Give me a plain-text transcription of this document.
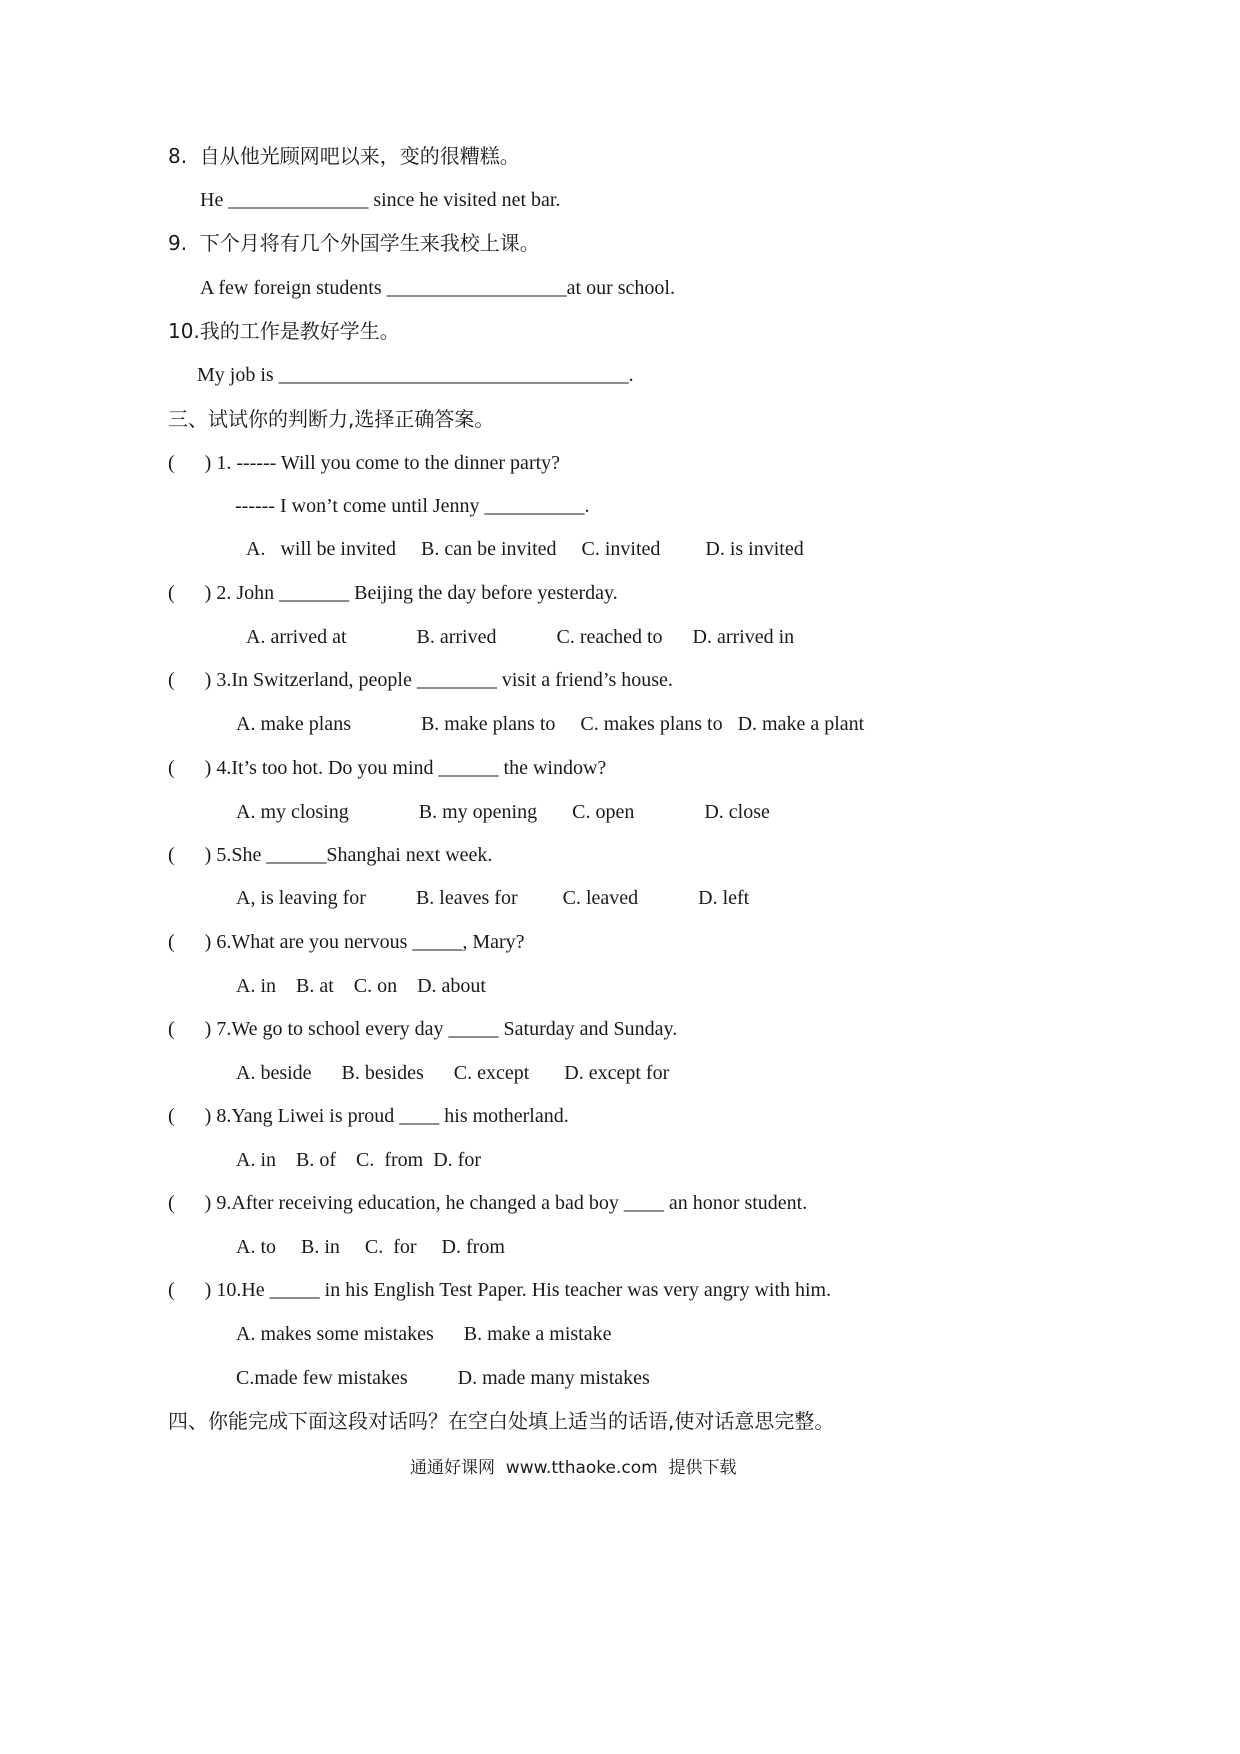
8.  自从他光顾网吧以来，变的很糟糕。
He ______________ since he visited net bar.
9.  下个月将有几个外国学生来我校上课。
A few foreign students __________________at our school.
10.我的工作是教好学生。
My job is ___________________________________.
三、试试你的判断力,选择正确答案。
(      ) 1. ------ Will you come to the dinner party?
------ I won’t come until Jenny __________.
A.   will be invited     B. can be invited     C. invited         D. is invited
(      ) 2. John _______ Beijing the day before yesterday.
A. arrived at              B. arrived            C. reached to      D. arrived in
(      ) 3.In Switzerland, people ________ visit a friend’s house.
A. make plans              B. make plans to     C. makes plans to   D. make a plant
(      ) 4.It’s too hot. Do you mind ______ the window?
A. my closing              B. my opening       C. open              D. close
(      ) 5.She ______Shanghai next week.
A, is leaving for          B. leaves for         C. leaved            D. left
(      ) 6.What are you nervous _____, Mary?
A. in    B. at    C. on    D. about
(      ) 7.We go to school every day _____ Saturday and Sunday.
A. beside      B. besides      C. except       D. except for
(      ) 8.Yang Liwei is proud ____ his motherland.
A. in    B. of    C.  from  D. for
(      ) 9.After receiving education, he changed a bad boy ____ an honor student.
A. to     B. in     C.  for     D. from
(      ) 10.He _____ in his English Test Paper. His teacher was very angry with him.
A. makes some mistakes      B. make a mistake
C.made few mistakes          D. made many mistakes
四、你能完成下面这段对话吗？在空白处填上适当的话语,使对话意思完整。
通通好课网  www.tthaoke.com  提供下载
